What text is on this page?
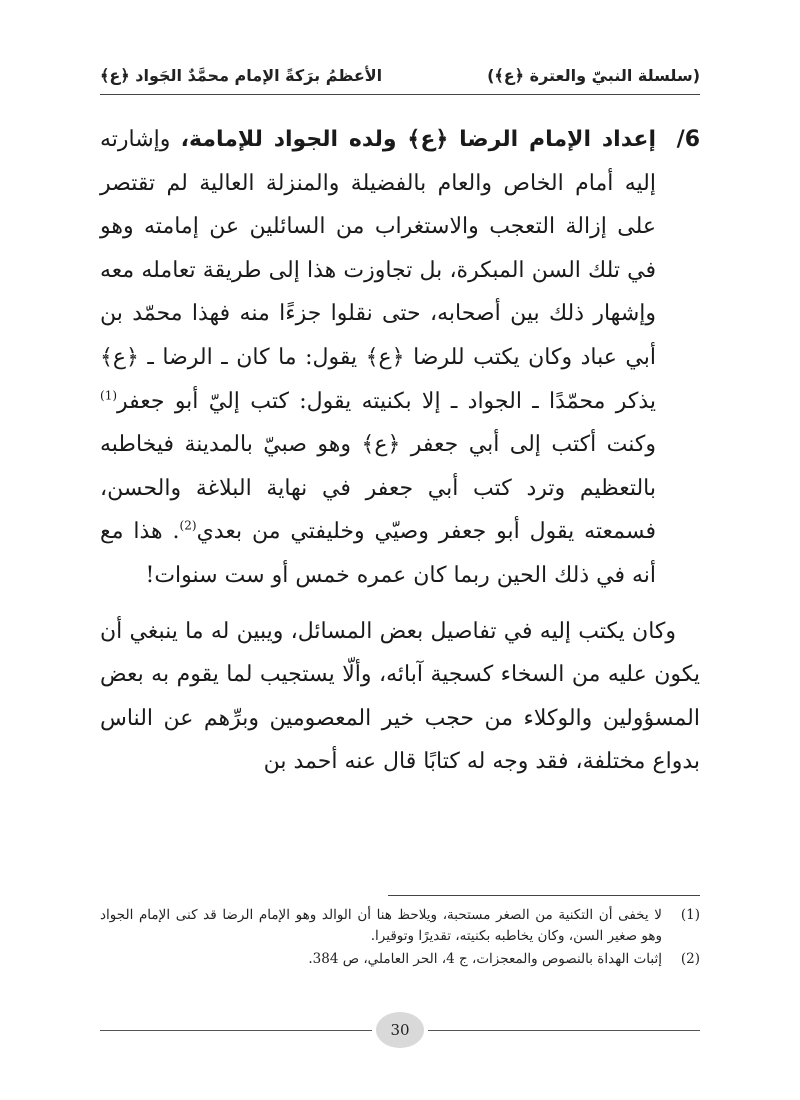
(سلسلة النبيّ والعترة ﴿ﻉ﴾)
الأعظمُ برَكةً الإمام محمَّدٌ الجَواد ﴿ﻉ﴾

6/
إعداد الإمام الرضا ﴿ﻉ﴾ ولده الجواد للإمامة، وإشارته إليه أمام الخاص والعام بالفضيلة والمنزلة العالية لم تقتصر على إزالة التعجب والاستغراب من السائلين عن إمامته وهو في تلك السن المبكرة، بل تجاوزت هذا إلى طريقة تعامله معه وإشهار ذلك بين أصحابه، حتى نقلوا جزءًا منه فهذا محمّد بن أبي عباد وكان يكتب للرضا ﴿ﻉ﴾ يقول: ما كان ـ الرضا ـ ﴿ﻉ﴾ يذكر محمّدًا ـ الجواد ـ إلا بكنيته يقول: كتب إليّ أبو جعفر$^{(1)}$ وكنت أكتب إلى أبي جعفر ﴿ﻉ﴾ وهو صبيّ بالمدينة فيخاطبه بالتعظيم وترد كتب أبي جعفر في نهاية البلاغة والحسن، فسمعته يقول أبو جعفر وصيّي وخليفتي من بعدي$^{(2)}$. هذا مع أنه في ذلك الحين ربما كان عمره خمس أو ست سنوات!

وكان يكتب إليه في تفاصيل بعض المسائل، ويبين له ما ينبغي أن يكون عليه من السخاء كسجية آبائه، وألّا يستجيب لما يقوم به بعض المسؤولين والوكلاء من حجب خير المعصومين وبرِّهم عن الناس بدواع مختلفة، فقد وجه له كتابًا قال عنه أحمد بن

(1)
لا يخفى أن التكنية من الصغر مستحبة، ويلاحظ هنا أن الوالد وهو الإمام الرضا قد كنى الإمام الجواد وهو صغير السن، وكان يخاطبه بكنيته، تقديرًا وتوقيرا.
(2)
إثبات الهداة بالنصوص والمعجزات، ج 4، الحر العاملي، ص 384.
30
